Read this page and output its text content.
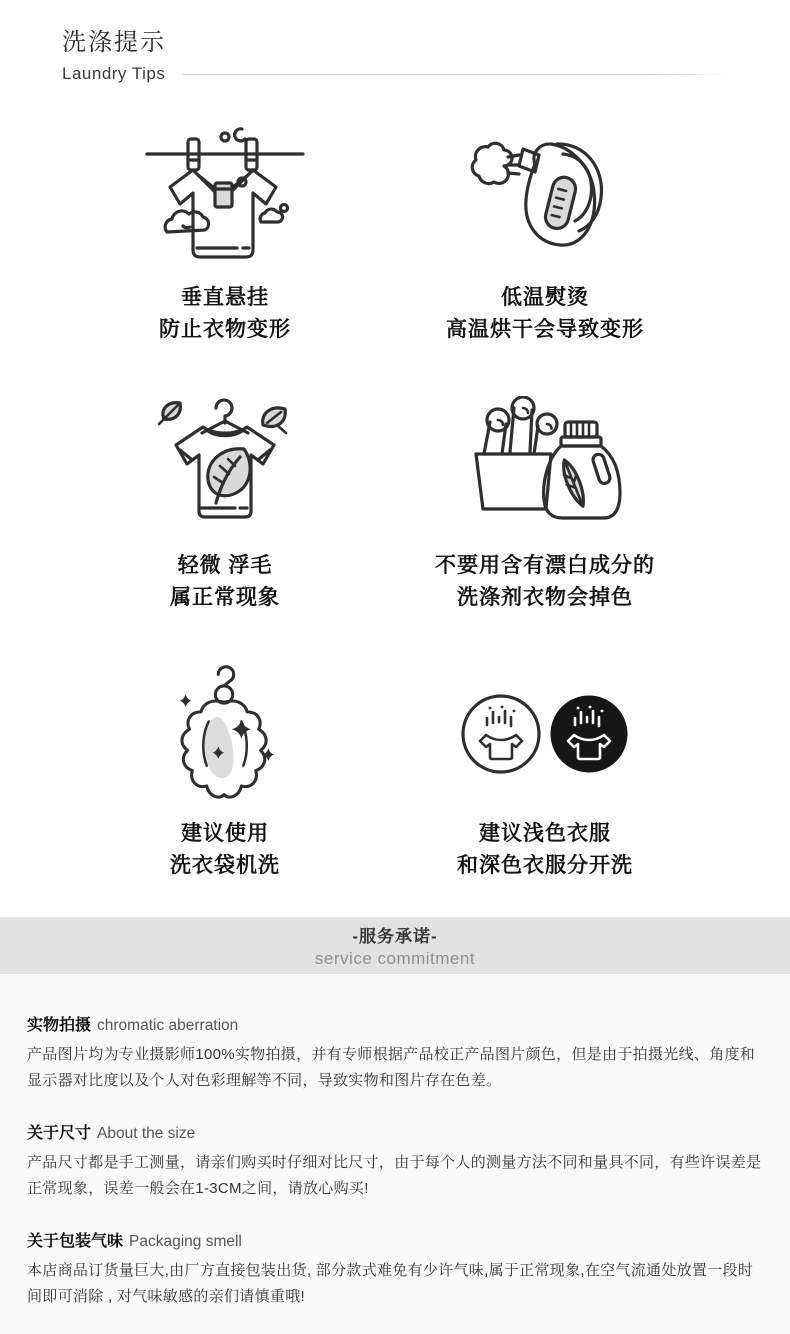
洗涤提示
Laundry Tips
垂直悬挂
防止衣物变形
低温熨烫
高温烘干会导致变形
轻微 浮毛
属正常现象
不要用含有漂白成分的
洗涤剂衣物会掉色
建议使用
洗衣袋机洗
建议浅色衣服
和深色衣服分开洗
-服务承诺-
service commitment
实物拍摄 chromatic aberration
产品图片均为专业摄影师100%实物拍摄，并有专师根据产品校正产品图片颜色，但是由于拍摄光线、角度和显示器对比度以及个人对色彩理解等不同，导致实物和图片存在色差。
关于尺寸 About the size
产品尺寸都是手工测量，请亲们购买时仔细对比尺寸，由于每个人的测量方法不同和量具不同，有些许误差是正常现象，误差一般会在1-3CM之间，请放心购买!
关于包装气味 Packaging smell
本店商品订货量巨大,由厂方直接包装出货, 部分款式难免有少许气味,属于正常现象,在空气流通处放置一段时间即可消除 , 对气味敏感的亲们请慎重哦!
